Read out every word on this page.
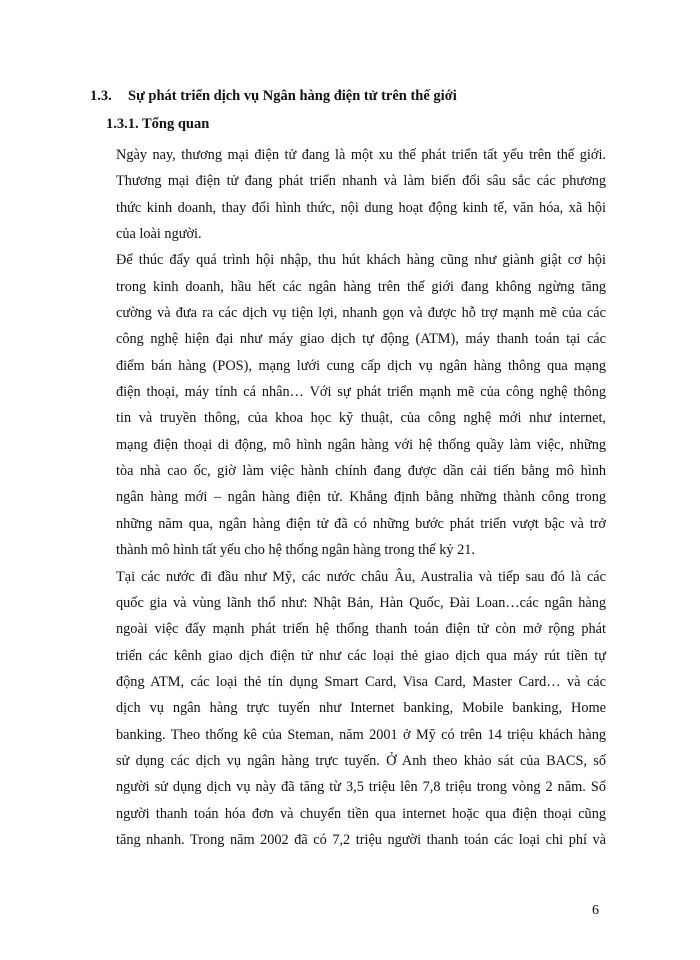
1.3. Sự phát triển dịch vụ Ngân hàng điện tử trên thế giới
1.3.1. Tổng quan
Ngày nay, thương mại điện tử đang là một xu thế phát triển tất yếu trên thế giới.
Thương mại điện tử đang phát triển nhanh và làm biến đổi sâu sắc các phương
thức kinh doanh, thay đổi hình thức, nội dung hoạt động kinh tế, văn hóa, xã hội
của loài người.
Để thúc đẩy quá trình hội nhập, thu hút khách hàng cũng như giành giật cơ hội
trong kinh doanh, hầu hết các ngân hàng trên thế giới đang không ngừng tăng
cường và đưa ra các dịch vụ tiện lợi, nhanh gọn và được hỗ trợ mạnh mẽ của các
công nghệ hiện đại như máy giao dịch tự động (ATM), máy thanh toán tại các
điểm bán hàng (POS), mạng lưới cung cấp dịch vụ ngân hàng thông qua mạng
điện thoại, máy tính cá nhân… Với sự phát triển mạnh mẽ của công nghệ thông
tin và truyền thông, của khoa học kỹ thuật, của công nghệ mới như internet,
mạng điện thoại di động, mô hình ngân hàng với hệ thống quầy làm việc, những
tòa nhà cao ốc, giờ làm việc hành chính đang được dần cải tiến bằng mô hình
ngân hàng mới – ngân hàng điện tử. Khẳng định bằng những thành công trong
những năm qua, ngân hàng điện tử đã có những bước phát triển vượt bậc và trở
thành mô hình tất yếu cho hệ thống ngân hàng trong thế kỷ 21.
Tại các nước đi đầu như Mỹ, các nước châu Âu, Australia và tiếp sau đó là các
quốc gia và vùng lãnh thổ như: Nhật Bản, Hàn Quốc, Đài Loan…các ngân hàng
ngoài việc đẩy mạnh phát triển hệ thống thanh toán điện tử còn mở rộng phát
triển các kênh giao dịch điện tử như các loại thẻ giao dịch qua máy rút tiền tự
động ATM, các loại thẻ tín dụng Smart Card, Visa Card, Master Card… và các
dịch vụ ngân hàng trực tuyến như Internet banking, Mobile banking, Home
banking. Theo thống kê của Steman, năm 2001 ở Mỹ có trên 14 triệu khách hàng
sử dụng các dịch vụ ngân hàng trực tuyến. Ở Anh theo khảo sát của BACS, số
người sử dụng dịch vụ này đã tăng từ 3,5 triệu lên 7,8 triệu trong vòng 2 năm. Số
người thanh toán hóa đơn và chuyển tiền qua internet hoặc qua điện thoại cũng
tăng nhanh. Trong năm 2002 đã có 7,2 triệu người thanh toán các loại chi phí và
6
